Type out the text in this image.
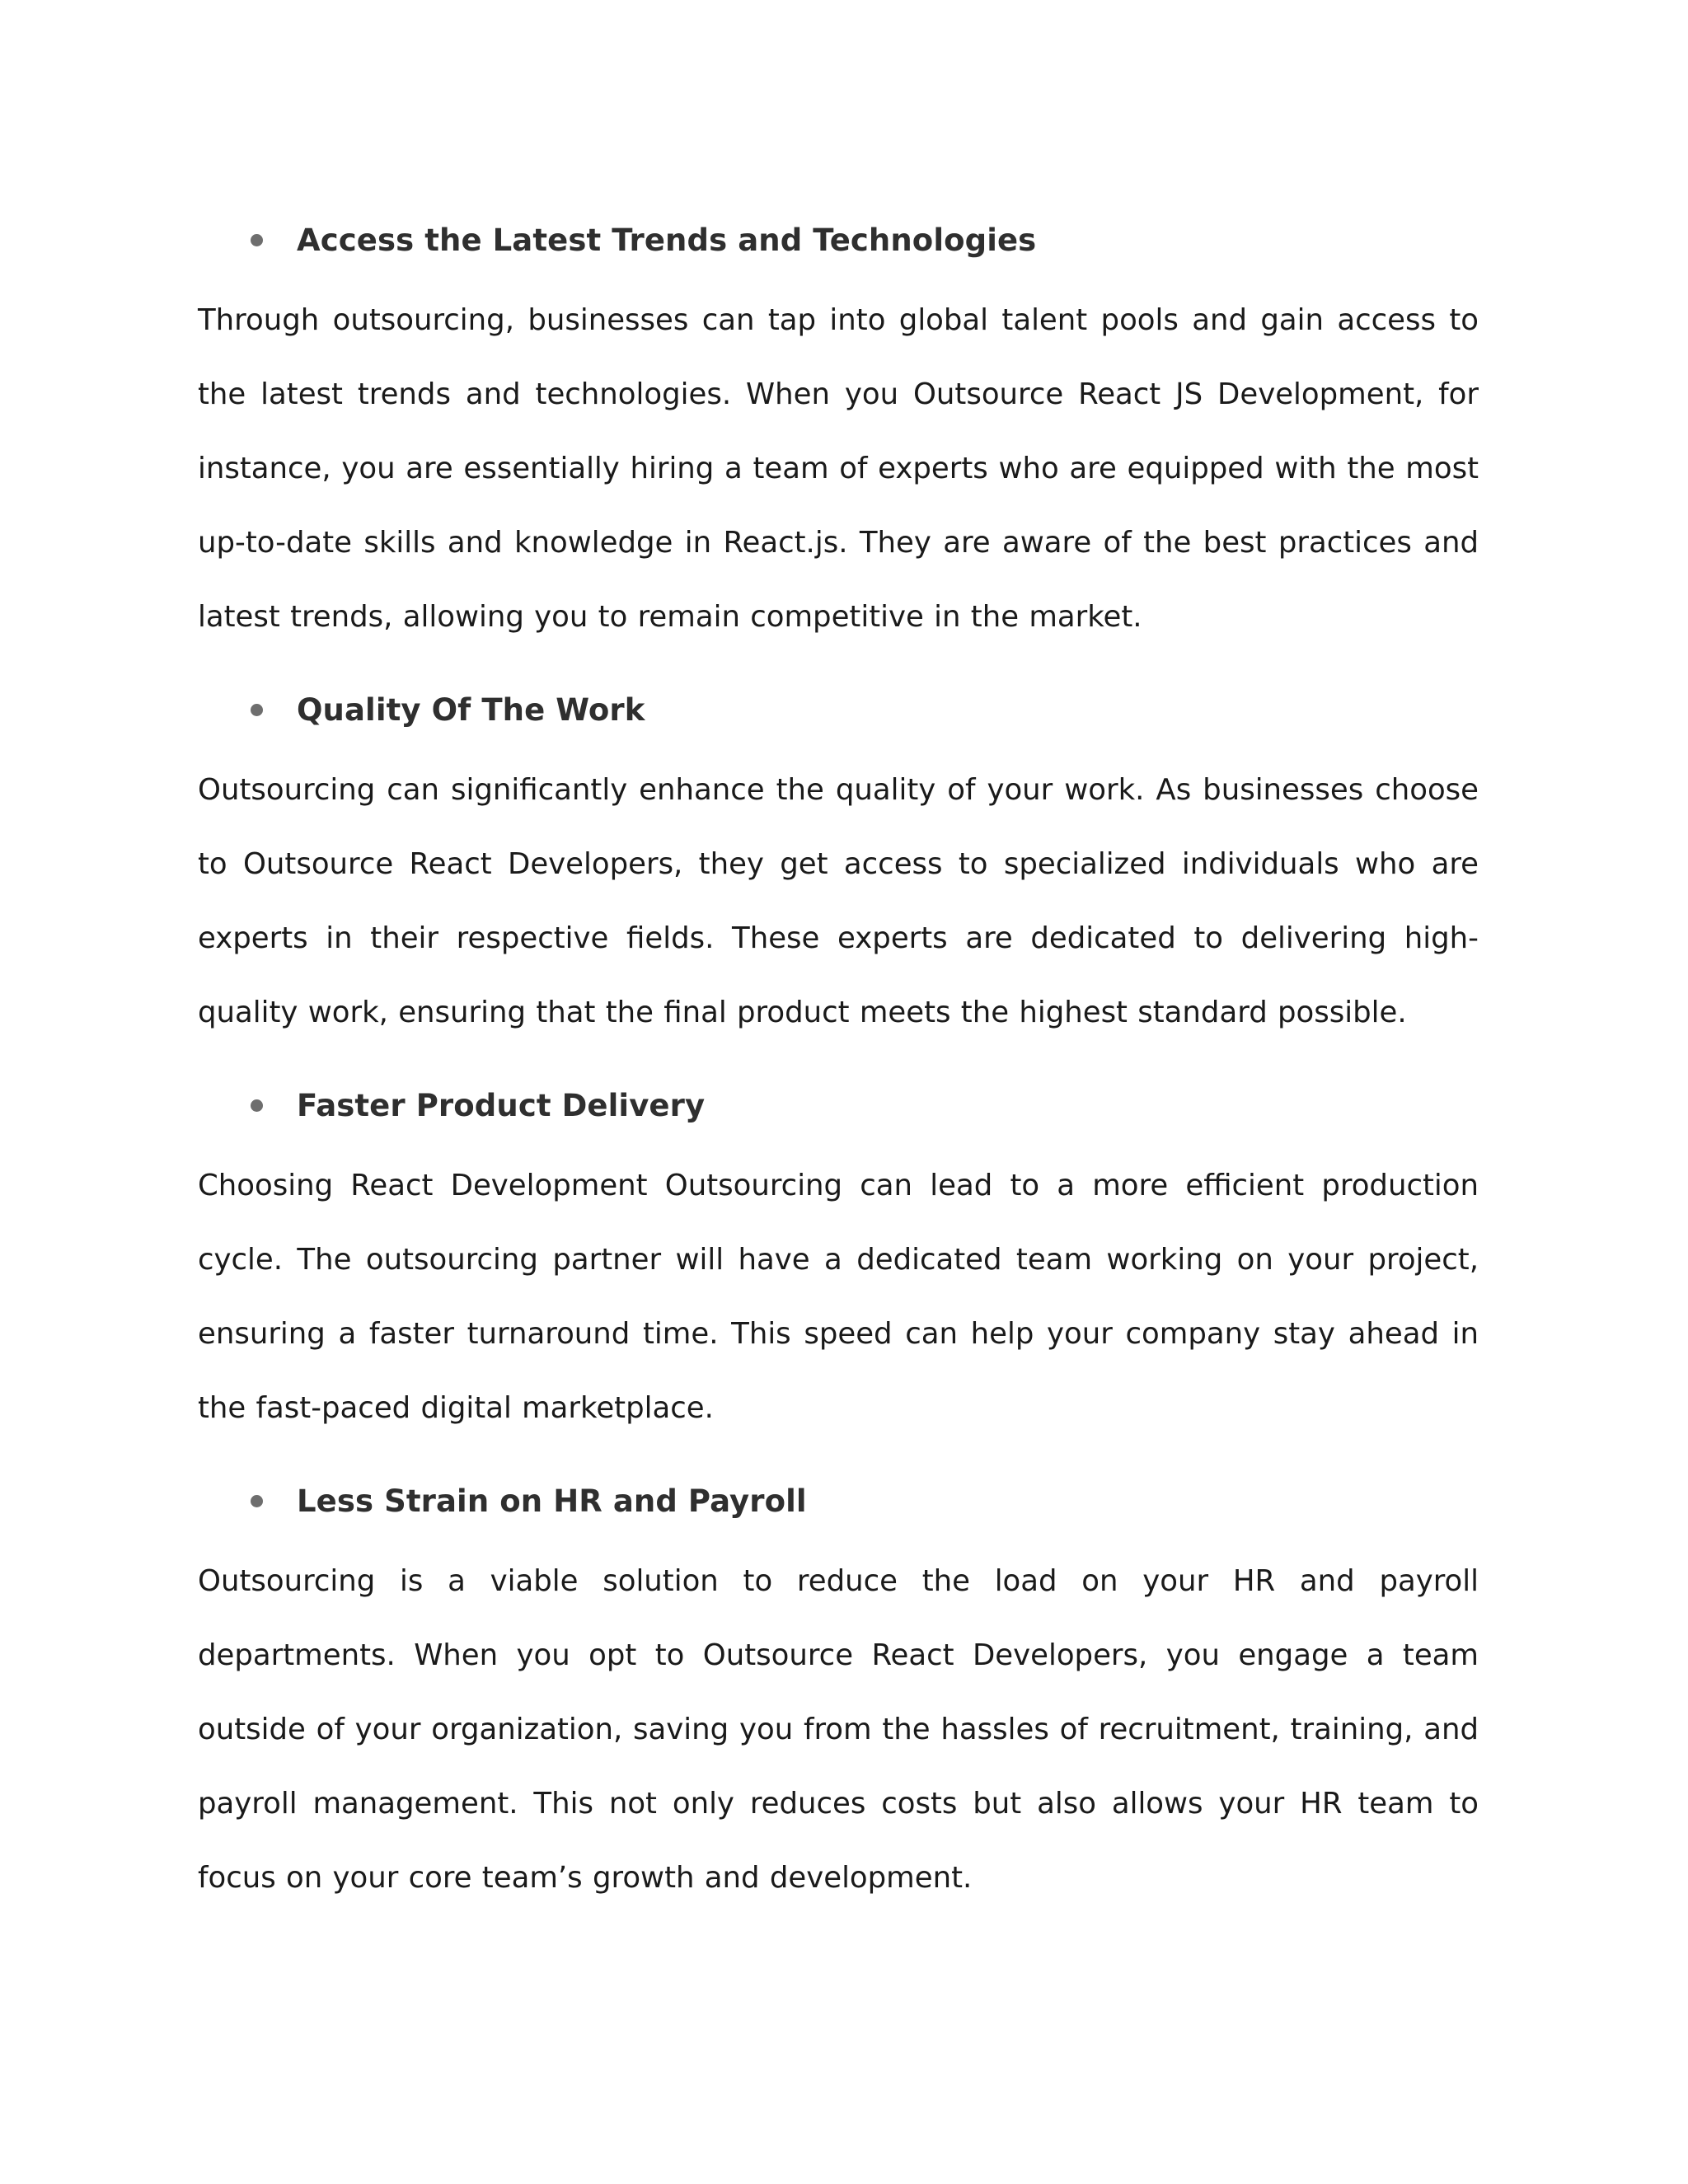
Access the Latest Trends and Technologies

Through outsourcing, businesses can tap into global talent pools and gain access to the latest trends and technologies. When you Outsource React JS Development, for instance, you are essentially hiring a team of experts who are equipped with the most up-to-date skills and knowledge in React.js. They are aware of the best practices and latest trends, allowing you to remain competitive in the market.

Quality Of The Work

Outsourcing can significantly enhance the quality of your work. As businesses choose to Outsource React Developers, they get access to specialized individuals who are experts in their respective fields. These experts are dedicated to delivering high-quality work, ensuring that the final product meets the highest standard possible.

Faster Product Delivery

Choosing React Development Outsourcing can lead to a more efficient production cycle. The outsourcing partner will have a dedicated team working on your project, ensuring a faster turnaround time. This speed can help your company stay ahead in the fast-paced digital marketplace.

Less Strain on HR and Payroll

Outsourcing is a viable solution to reduce the load on your HR and payroll departments. When you opt to Outsource React Developers, you engage a team outside of your organization, saving you from the hassles of recruitment, training, and payroll management. This not only reduces costs but also allows your HR team to focus on your core team’s growth and development.
